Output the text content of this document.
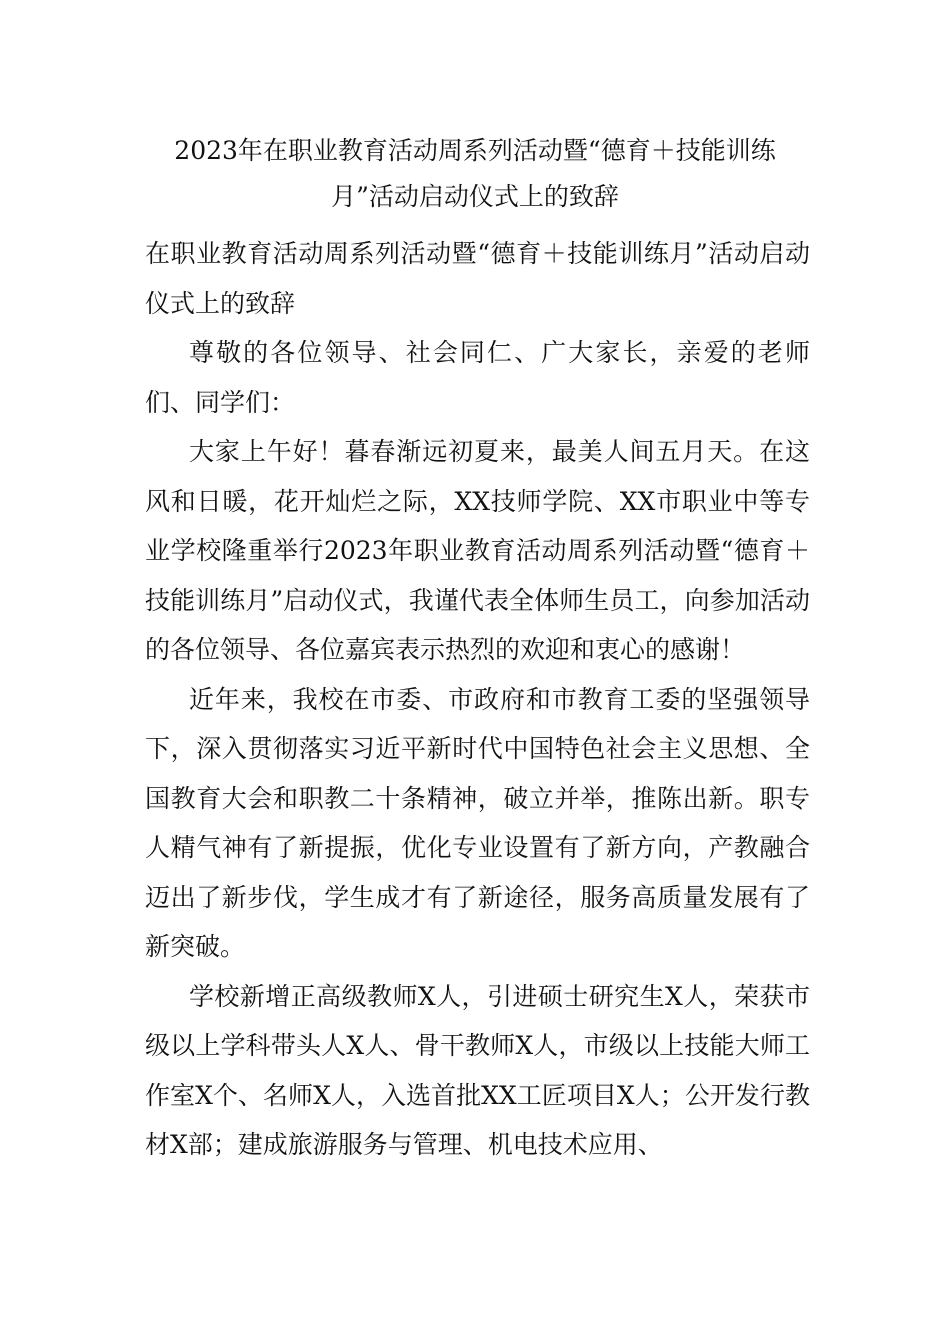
2023年在职业教育活动周系列活动暨“德育＋技能训练月”活动启动仪式上的致辞

在职业教育活动周系列活动暨“德育＋技能训练月”活动启动仪式上的致辞

尊敬的各位领导、社会同仁、广大家长，亲爱的老师们、同学们：

大家上午好！暮春渐远初夏来，最美人间五月天。在这风和日暖，花开灿烂之际，XX技师学院、XX市职业中等专业学校隆重举行2023年职业教育活动周系列活动暨“德育＋技能训练月”启动仪式，我谨代表全体师生员工，向参加活动的各位领导、各位嘉宾表示热烈的欢迎和衷心的感谢！

近年来，我校在市委、市政府和市教育工委的坚强领导下，深入贯彻落实习近平新时代中国特色社会主义思想、全国教育大会和职教二十条精神，破立并举，推陈出新。职专人精气神有了新提振，优化专业设置有了新方向，产教融合迈出了新步伐，学生成才有了新途径，服务高质量发展有了新突破。

学校新增正高级教师X人，引进硕士研究生X人，荣获市级以上学科带头人X人、骨干教师X人，市级以上技能大师工作室X个、名师X人，入选首批XX工匠项目X人；公开发行教材X部；建成旅游服务与管理、机电技术应用、
